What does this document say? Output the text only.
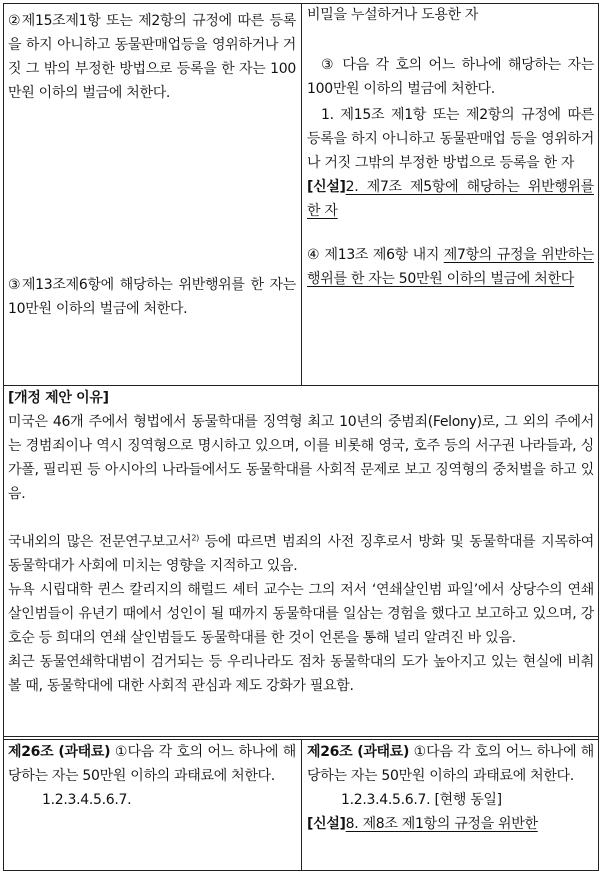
②제15조제1항 또는 제2항의 규정에 따른 등록을 하지 아니하고 동물판매업등을 영위하거나 거짓 그 밖의 부정한 방법으로 등록을 한 자는 100만원 이하의 벌금에 처한다.

③제13조제6항에 해당하는 위반행위를 한 자는 10만원 이하의 벌금에 처한다.

비밀을 누설하거나 도용한 자

③ 다음 각 호의 어느 하나에 해당하는 자는 100만원 이하의 벌금에 처한다.

1. 제15조 제1항 또는 제2항의 규정에 따른 등록을 하지 아니하고 동물판매업 등을 영위하거나 거짓 그밖의 부정한 방법으로 등록을 한 자

[신설]2. 제7조 제5항에 해당하는 위반행위를 한 자

④ 제13조 제6항 내지 제7항의 규정을 위반하는 행위를 한 자는 50만원 이하의 벌금에 처한다

[개정 제안 이유]

미국은 46개 주에서 형법에서 동물학대를 징역형 최고 10년의 중범죄(Felony)로, 그 외의 주에서는 경범죄이나 역시 징역형으로 명시하고 있으며, 이를 비롯해 영국, 호주 등의 서구권 나라들과, 싱가폴, 필리핀 등 아시아의 나라들에서도 동물학대를 사회적 문제로 보고 징역형의 중처벌을 하고 있음.

국내외의 많은 전문연구보고서$^{2)}$ 등에 따르면 범죄의 사전 징후로서 방화 및 동물학대를 지목하여 동물학대가 사회에 미치는 영향을 지적하고 있음.

뉴욕 시립대학 퀸스 칼리지의 해럴드 셰터 교수는 그의 저서 ‘연쇄살인범 파일’에서 상당수의 연쇄살인범들이 유년기 때에서 성인이 될 때까지 동물학대를 일삼는 경험을 했다고 보고하고 있으며, 강호순 등 희대의 연쇄 살인범들도 동물학대를 한 것이 언론을 통해 널리 알려진 바 있음.

최근 동물연쇄학대범이 검거되는 등 우리나라도 점차 동물학대의 도가 높아지고 있는 현실에 비춰볼 때, 동물학대에 대한 사회적 관심과 제도 강화가 필요함.

제26조 (과태료) ①다음 각 호의 어느 하나에 해당하는 자는 50만원 이하의 과태료에 처한다.

1.2.3.4.5.6.7.

제26조 (과태료) ①다음 각 호의 어느 하나에 해당하는 자는 50만원 이하의 과태료에 처한다.

1.2.3.4.5.6.7. [현행 동일]

[신설]8. 제8조 제1항의 규정을 위반한
